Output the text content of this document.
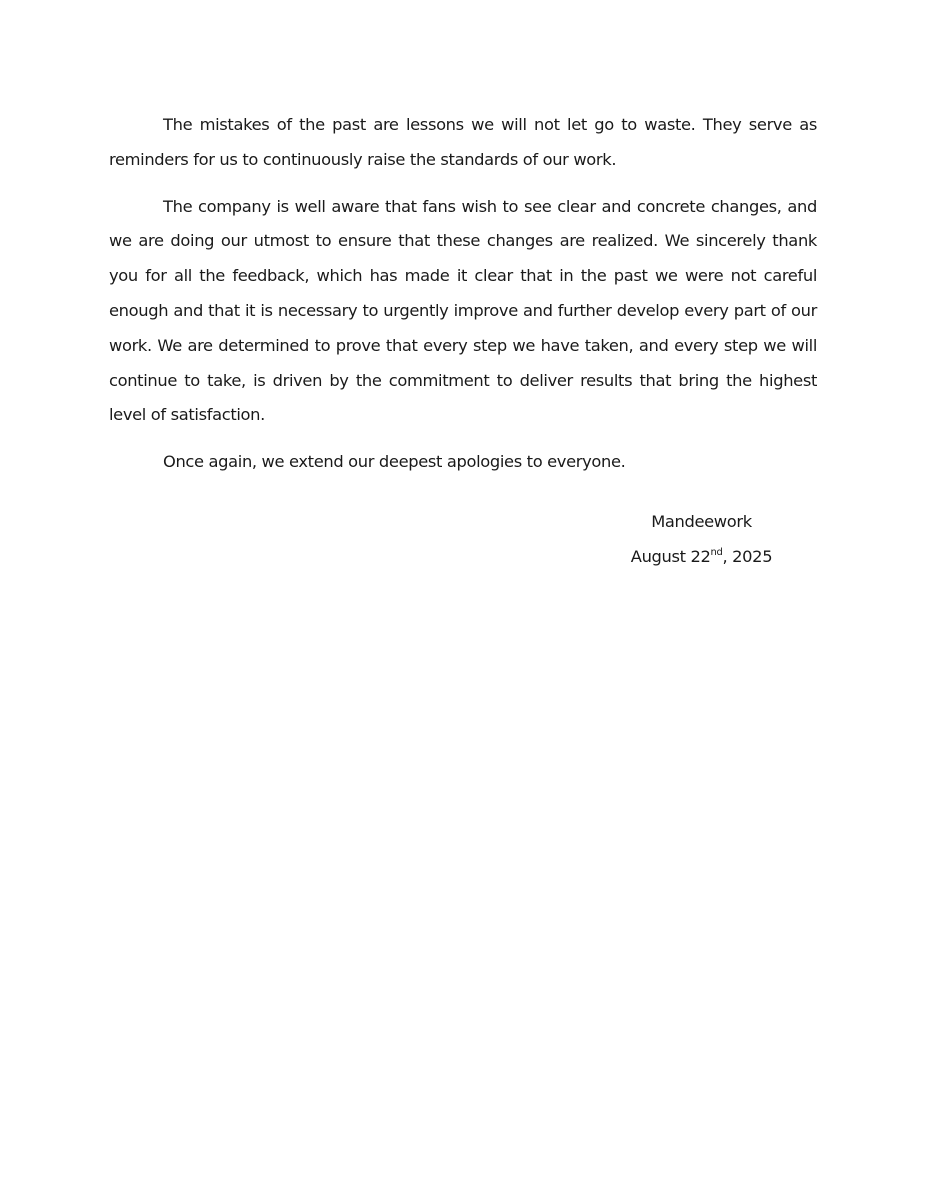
The mistakes of the past are lessons we will not let go to waste. They serve as reminders for us to continuously raise the standards of our work.

The company is well aware that fans wish to see clear and concrete changes, and we are doing our utmost to ensure that these changes are realized. We sincerely thank you for all the feedback, which has made it clear that in the past we were not careful enough and that it is necessary to urgently improve and further develop every part of our work. We are determined to prove that every step we have taken, and every step we will continue to take, is driven by the commitment to deliver results that bring the highest level of satisfaction.

Once again, we extend our deepest apologies to everyone.

Mandeework
August 22nd, 2025
